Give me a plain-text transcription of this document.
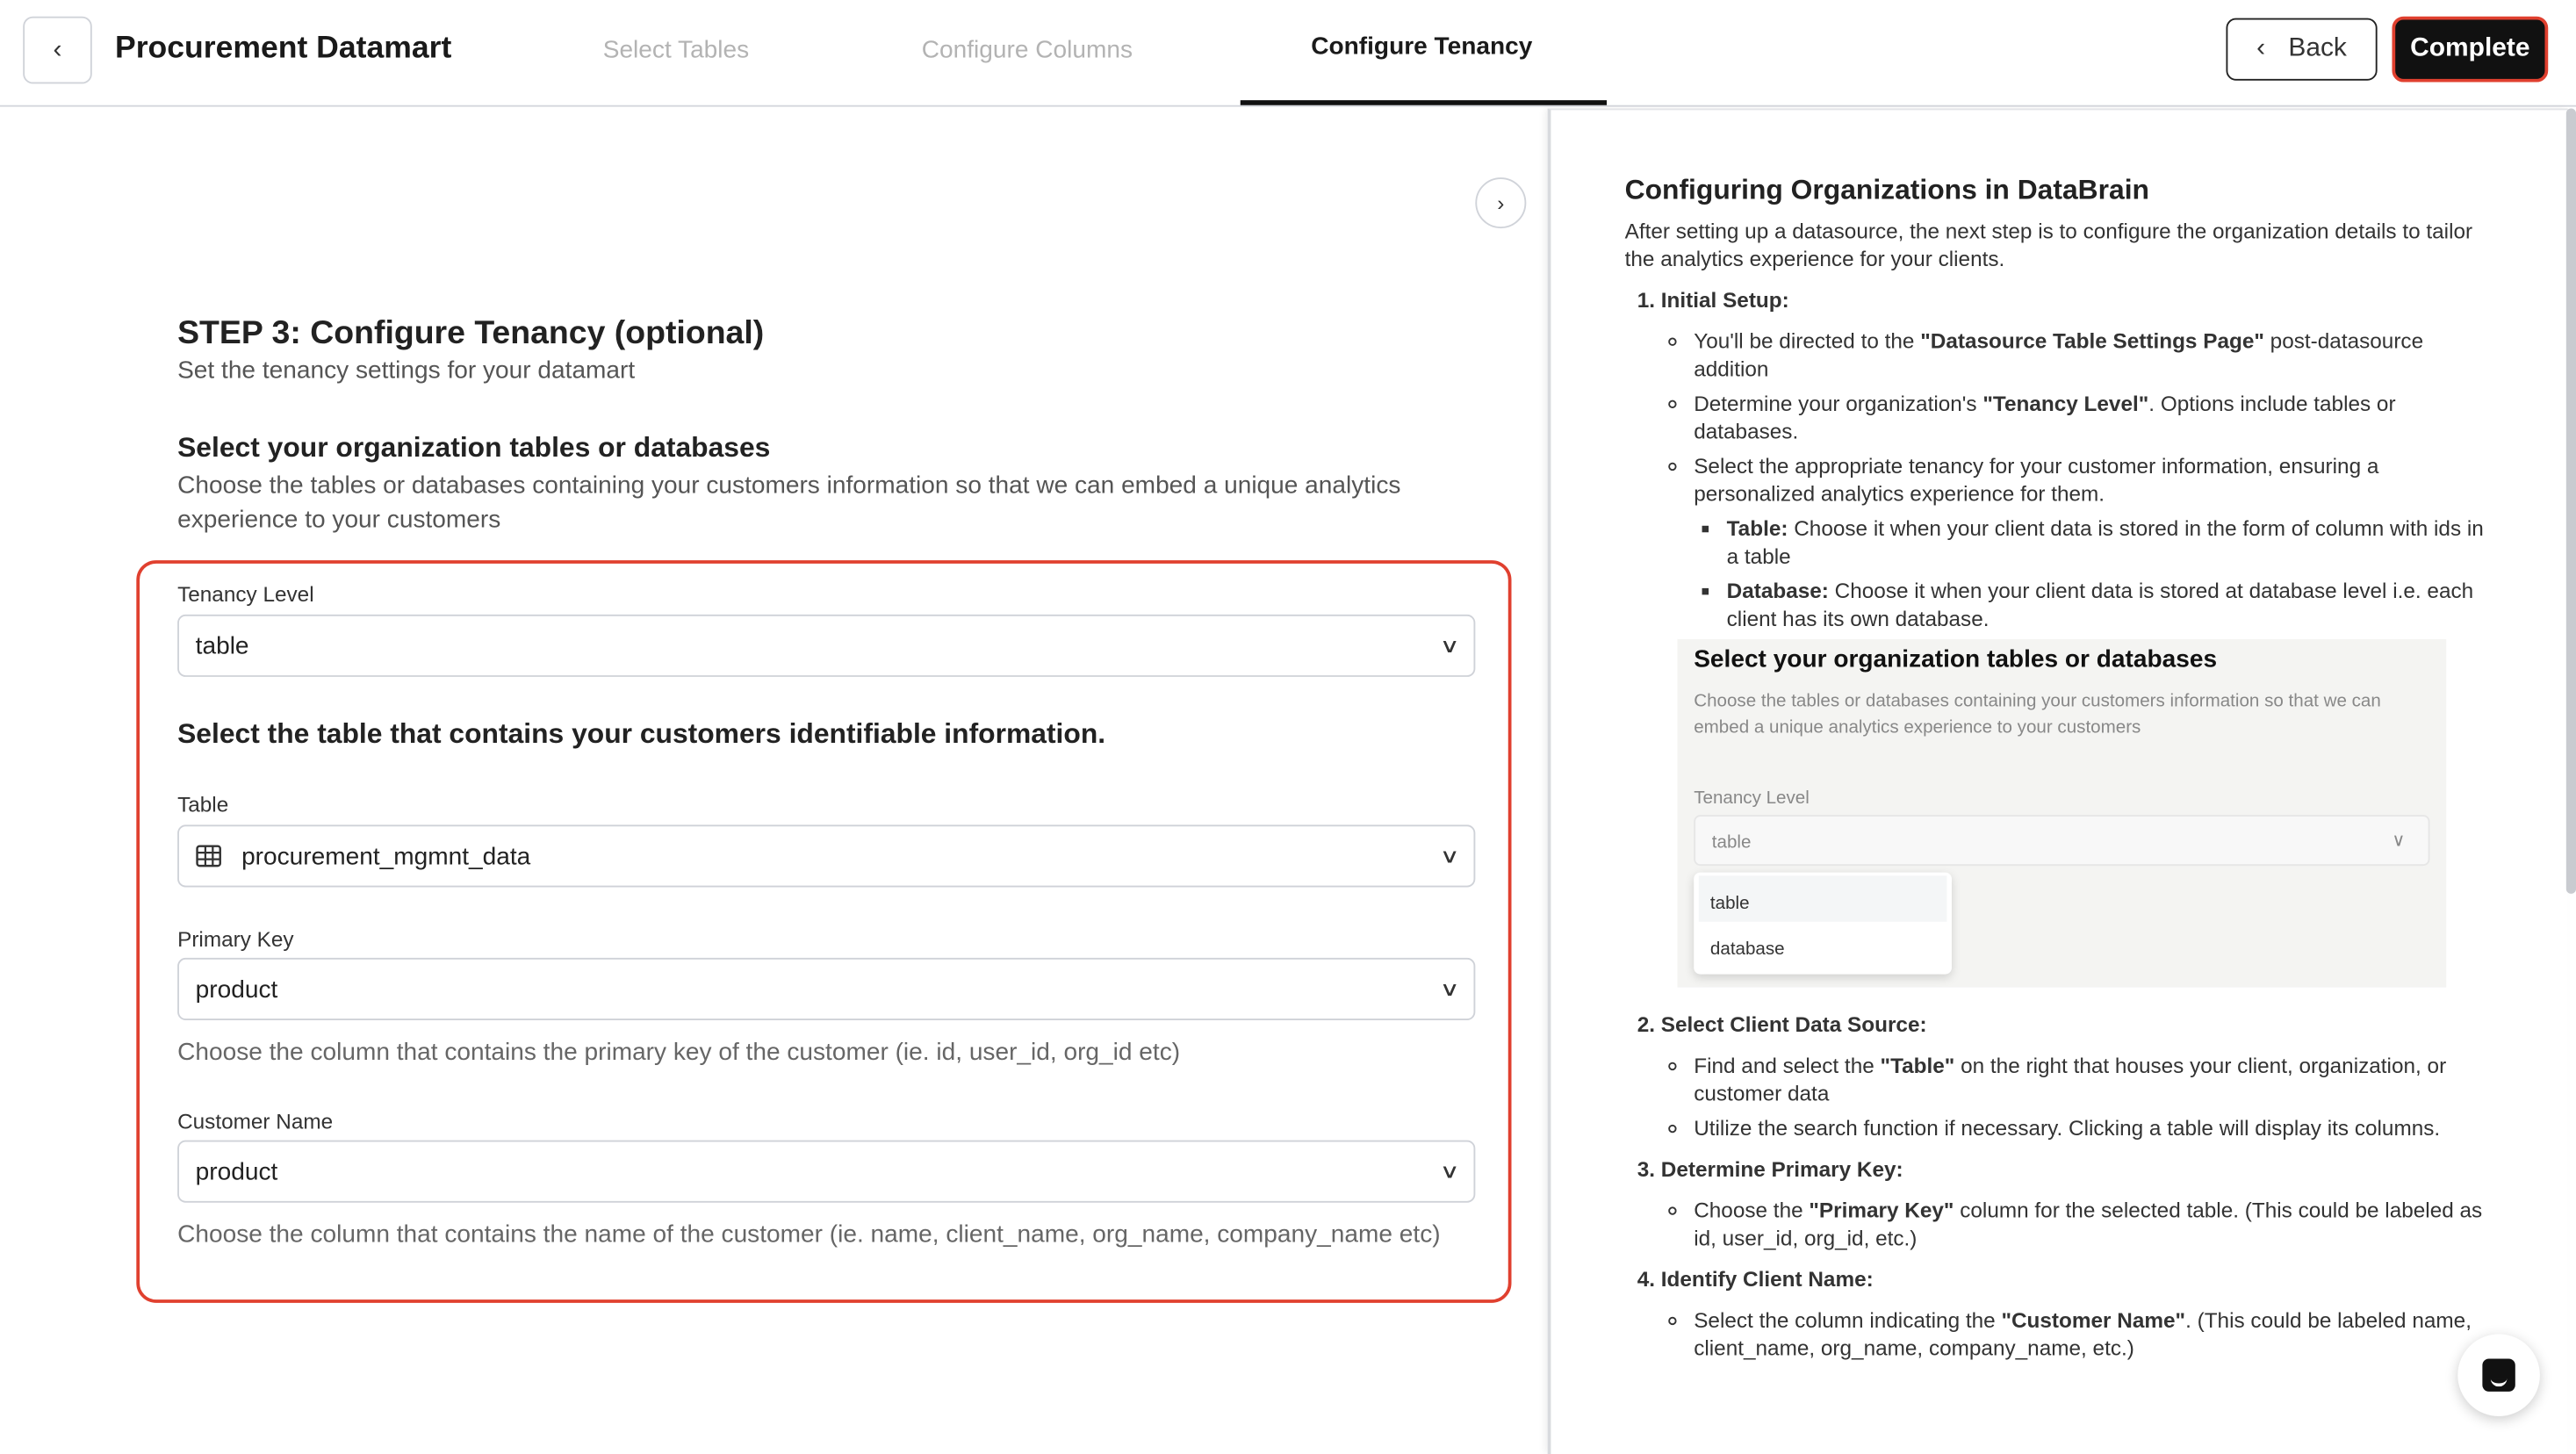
‹	Procurement Datamart	Select Tables	Configure Columns	Configure Tenancy	‹ Back	Complete
›
STEP 3: Configure Tenancy (optional)
Set the tenancy settings for your datamart
Select your organization tables or databases
Choose the tables or databases containing your customers information so that we can embed a unique analytics experience to your customers
Tenancy Level
table	∨
Select the table that contains your customers identifiable information.
Table
procurement_mgmnt_data	∨
Primary Key
product	∨
Choose the column that contains the primary key of the customer (ie. id, user_id, org_id etc)
Customer Name
product	∨
Choose the column that contains the name of the customer (ie. name, client_name, org_name, company_name etc)
Configuring Organizations in DataBrain

After setting up a datasource, the next step is to configure the organization details to tailor the analytics experience for your clients.

1. Initial Setup:
◦ You'll be directed to the "Datasource Table Settings Page" post-datasource addition
◦ Determine your organization's "Tenancy Level". Options include tables or databases.
◦ Select the appropriate tenancy for your customer information, ensuring a personalized analytics experience for them.
▪ Table: Choose it when your client data is stored in the form of column with ids in a table
▪ Database: Choose it when your client data is stored at database level i.e. each client has its own database.
Select your organization tables or databases
Choose the tables or databases containing your customers information so that we can embed a unique analytics experience to your customers
Tenancy Level
∨
table
table
database
2. Select Client Data Source:
◦ Find and select the "Table" on the right that houses your client, organization, or customer data
◦ Utilize the search function if necessary. Clicking a table will display its columns.
3. Determine Primary Key:
◦ Choose the "Primary Key" column for the selected table. (This could be labeled as id, user_id, org_id, etc.)
4. Identify Client Name:
◦ Select the column indicating the "Customer Name". (This could be labeled name, client_name, org_name, company_name, etc.)
